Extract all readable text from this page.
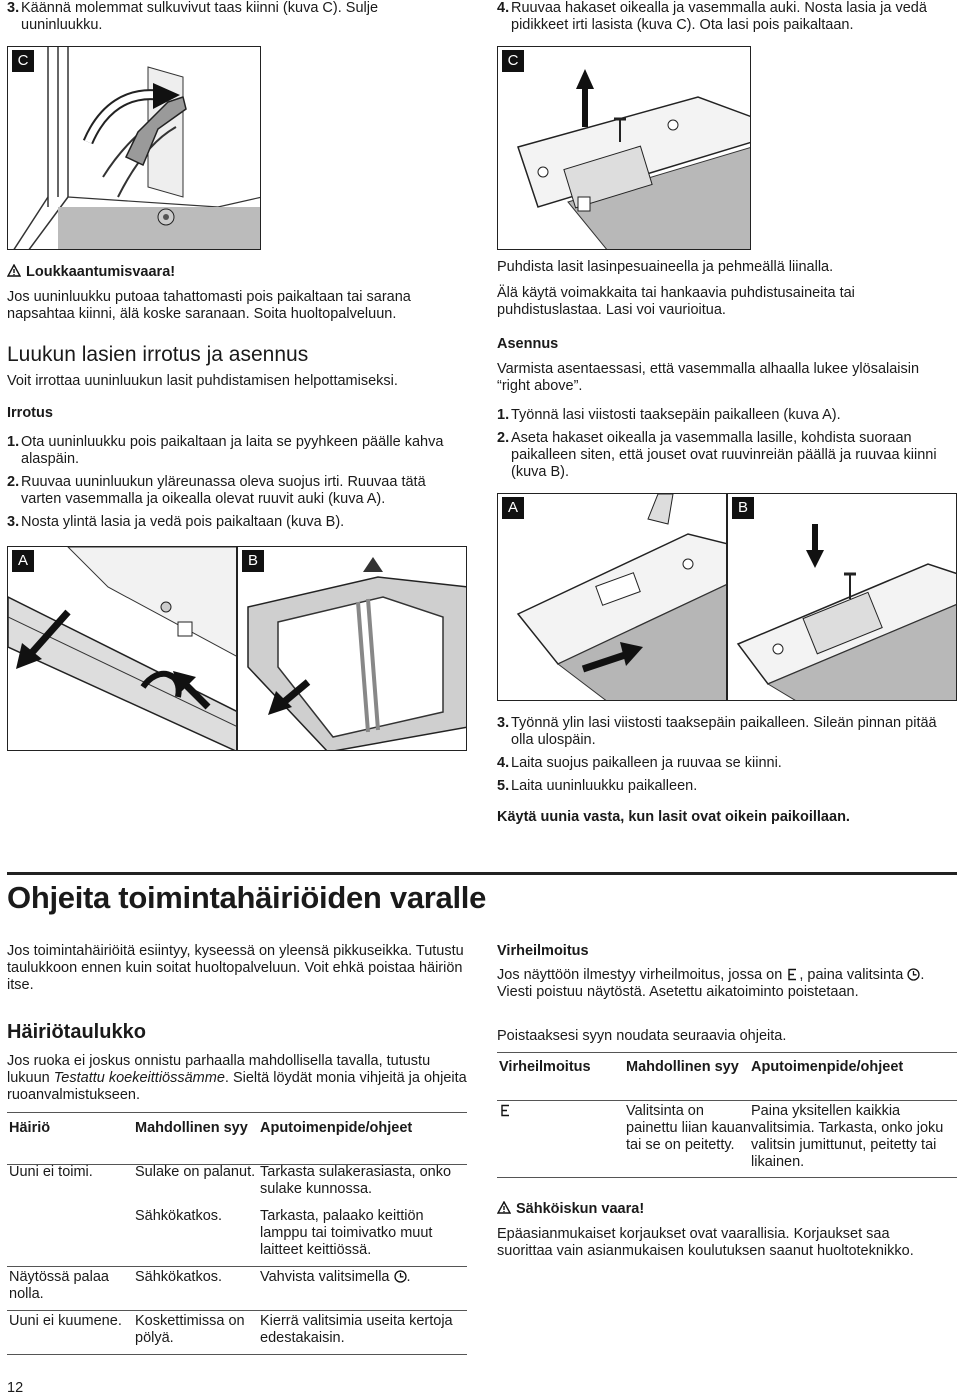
3. Käännä molemmat sulkuvivut taas kiinni (kuva C). Sulje uuninluukku.
C
4. Ruuvaa hakaset oikealla ja vasemmalla auki. Nosta lasia ja vedä pidikkeet irti lasista (kuva C). Ota lasi pois paikaltaan.
C

Loukkaantumisvaara!

Jos uuninluukku putoaa tahattomasti pois paikaltaan tai sarana napsahtaa kiinni, älä koske saranaan. Soita huoltopalveluun.

Luukun lasien irrotus ja asennus

Voit irrottaa uuninluukun lasit puhdistamisen helpottamiseksi.

Irrotus

1. Ota uuninluukku pois paikaltaan ja laita se pyyhkeen päälle kahva alaspäin.
2. Ruuvaa uuninluukun yläreunassa oleva suojus irti. Ruuvaa tätä varten vasemmalla ja oikealla olevat ruuvit auki (kuva A).
3. Nosta ylintä lasia ja vedä pois paikaltaan (kuva B).
A	B

Puhdista lasit lasinpesuaineella ja pehmeällä liinalla.

Älä käytä voimakkaita tai hankaavia puhdistusaineita tai puhdistuslastaa. Lasi voi vaurioitua.

Asennus

Varmista asentaessasi, että vasemmalla alhaalla lukee ylösalaisin “right above”.

1. Työnnä lasi viistosti taaksepäin paikalleen (kuva A).
2. Aseta hakaset oikealla ja vasemmalla lasille, kohdista suoraan paikalleen siten, että jouset ovat ruuvinreiän päällä ja ruuvaa kiinni (kuva B).
A	B
3. Työnnä ylin lasi viistosti taaksepäin paikalleen. Sileän pinnan pitää olla ulospäin.
4. Laita suojus paikalleen ja ruuvaa se kiinni.
5. Laita uuninluukku paikalleen.

Käytä uunia vasta, kun lasit ovat oikein paikoillaan.

Ohjeita toimintahäiriöiden varalle

Jos toimintahäiriöitä esiintyy, kyseessä on yleensä pikkuseikka. Tutustu taulukkoon ennen kuin soitat huoltopalveluun. Voit ehkä poistaa häiriön itse.

Häiriötaulukko

Jos ruoka ei joskus onnistu parhaalla mahdollisella tavalla, tutustu lukuun Testattu koekeittiössämme. Sieltä löydät monia vihjeitä ja ohjeita ruoanvalmistukseen.

Häiriö	Mahdollinen syy	Aputoimenpide/ohjeet
Uuni ei toimi.	Sulake on palanut.	Tarkasta sulakerasiasta, onko sulake kunnossa.
	Sähkökatkos.	Tarkasta, palaako keittiön lamppu tai toimivatko muut laitteet keittiössä.
Näytössä palaa nolla.	Sähkökatkos.	Vahvista valitsimella .
Uuni ei kuumene.	Koskettimissa on pölyä.	Kierrä valitsimia useita kertoja edestakaisin.

Virheilmoitus

Jos näyttöön ilmestyy virheilmoitus, jossa on , paina valitsinta . Viesti poistuu näytöstä. Asetettu aikatoiminto poistetaan.

Poistaaksesi syyn noudata seuraavia ohjeita.

Virheilmoitus	Mahdollinen syy	Aputoimenpide/ohjeet
	Valitsinta on painettu liian kauan tai se on peitetty.	Paina yksitellen kaikkia valitsimia. Tarkasta, onko joku valitsin jumittunut, peitetty tai likainen.

Sähköiskun vaara!

Epäasianmukaiset korjaukset ovat vaarallisia. Korjaukset saa suorittaa vain asianmukaisen koulutuksen saanut huoltoteknikko.

12
